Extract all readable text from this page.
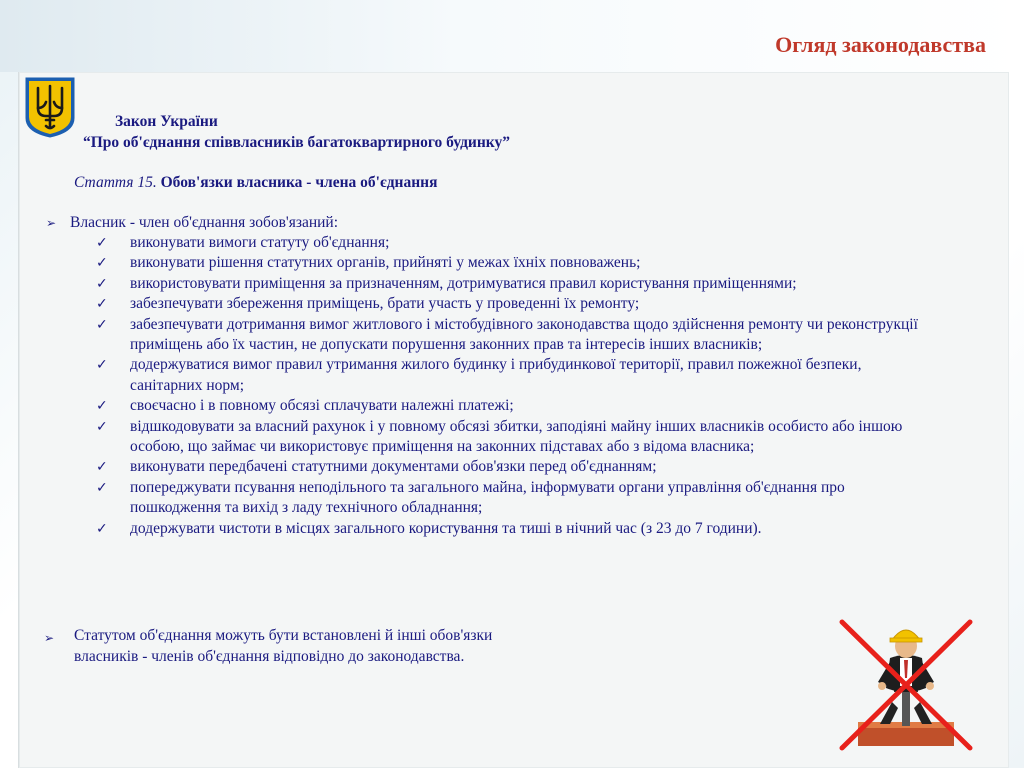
Огляд законодавства
Закон України
“Про об'єднання співвласників багатоквартирного будинку”
Стаття 15. Обов'язки власника - члена об'єднання
➢ Власник - член об'єднання зобов'язаний:
✓ виконувати вимоги статуту об'єднання;
✓ виконувати рішення статутних органів, прийняті у межах їхніх повноважень;
✓ використовувати приміщення за призначенням, дотримуватися правил користування приміщеннями;
✓ забезпечувати збереження приміщень, брати участь у проведенні їх ремонту;
✓ забезпечувати дотримання вимог житлового і містобудівного законодавства щодо здійснення ремонту чи реконструкції приміщень або їх частин, не допускати порушення законних прав та інтересів інших власників;
✓ додержуватися вимог правил утримання жилого будинку і прибудинкової території, правил пожежної безпеки, санітарних норм;
✓ своєчасно і в повному обсязі сплачувати належні платежі;
✓ відшкодовувати за власний рахунок і у повному обсязі збитки, заподіяні майну інших власників особисто або іншою особою, що займає чи використовує приміщення на законних підставах або з відома власника;
✓ виконувати передбачені статутними документами обов'язки перед об'єднанням;
✓ попереджувати псування неподільного та загального майна, інформувати органи управління об'єднання про пошкодження та вихід з ладу технічного обладнання;
✓ додержувати чистоти в місцях загального користування та тиші в нічний час (з 23 до 7 години).
➢ Статутом об'єднання можуть бути встановлені й інші обов'язки
власників - членів об'єднання відповідно до законодавства.
